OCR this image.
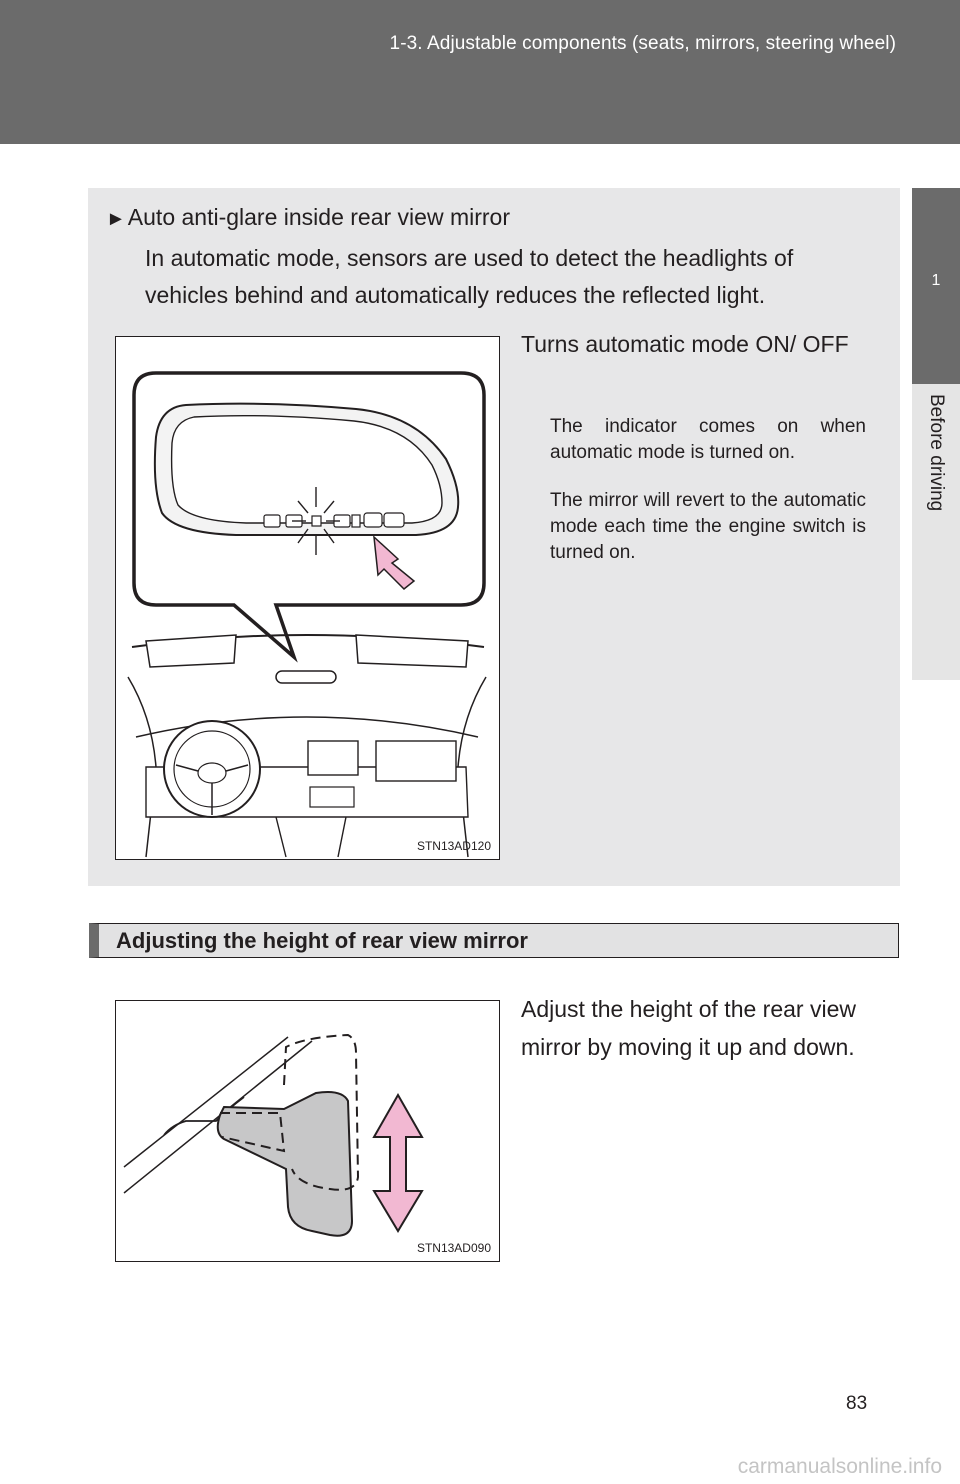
1-3. Adjustable components (seats, mirrors, steering wheel)
1
Before driving
►Auto anti-glare inside rear view mirror
In automatic mode, sensors are used to detect the headlights of vehicles behind and automatically reduces the reflected light.
STN13AD120
Turns automatic mode ON/ OFF
The indicator comes on when automatic mode is turned on.
The mirror will revert to the automatic mode each time the engine switch is turned on.
Adjusting the height of rear view mirror
STN13AD090
Adjust the height of the rear view mirror by moving it up and down.
83
carmanualsonline.info
